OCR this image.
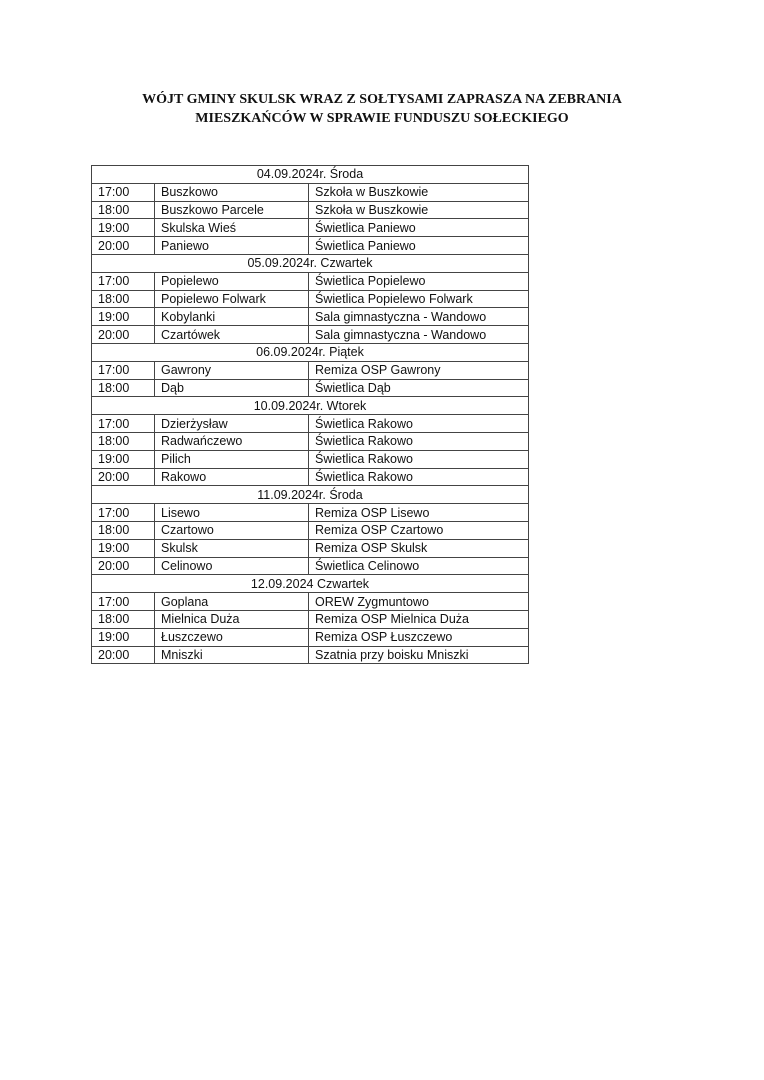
WÓJT GMINY SKULSK WRAZ Z SOŁTYSAMI ZAPRASZA NA ZEBRANIA
MIESZKAŃCÓW W SPRAWIE FUNDUSZU SOŁECKIEGO
04.09.2024r. Środa		
17:00	Buszkowo	Szkoła w Buszkowie
18:00	Buszkowo Parcele	Szkoła w Buszkowie
19:00	Skulska Wieś	Świetlica Paniewo
20:00	Paniewo	Świetlica Paniewo
05.09.2024r. Czwartek		
17:00	Popielewo	Świetlica Popielewo
18:00	Popielewo Folwark	Świetlica Popielewo Folwark
19:00	Kobylanki	Sala gimnastyczna - Wandowo
20:00	Czartówek	Sala gimnastyczna - Wandowo
06.09.2024r. Piątek		
17:00	Gawrony	Remiza OSP Gawrony
18:00	Dąb	Świetlica Dąb
10.09.2024r. Wtorek		
17:00	Dzierżysław	Świetlica Rakowo
18:00	Radwańczewo	Świetlica Rakowo
19:00	Pilich	Świetlica Rakowo
20:00	Rakowo	Świetlica Rakowo
11.09.2024r. Środa		
17:00	Lisewo	Remiza OSP Lisewo
18:00	Czartowo	Remiza OSP Czartowo
19:00	Skulsk	Remiza OSP Skulsk
20:00	Celinowo	Świetlica Celinowo
12.09.2024 Czwartek		
17:00	Goplana	OREW Zygmuntowo
18:00	Mielnica Duża	Remiza OSP Mielnica Duża
19:00	Łuszczewo	Remiza OSP Łuszczewo
20:00	Mniszki	Szatnia przy boisku Mniszki
